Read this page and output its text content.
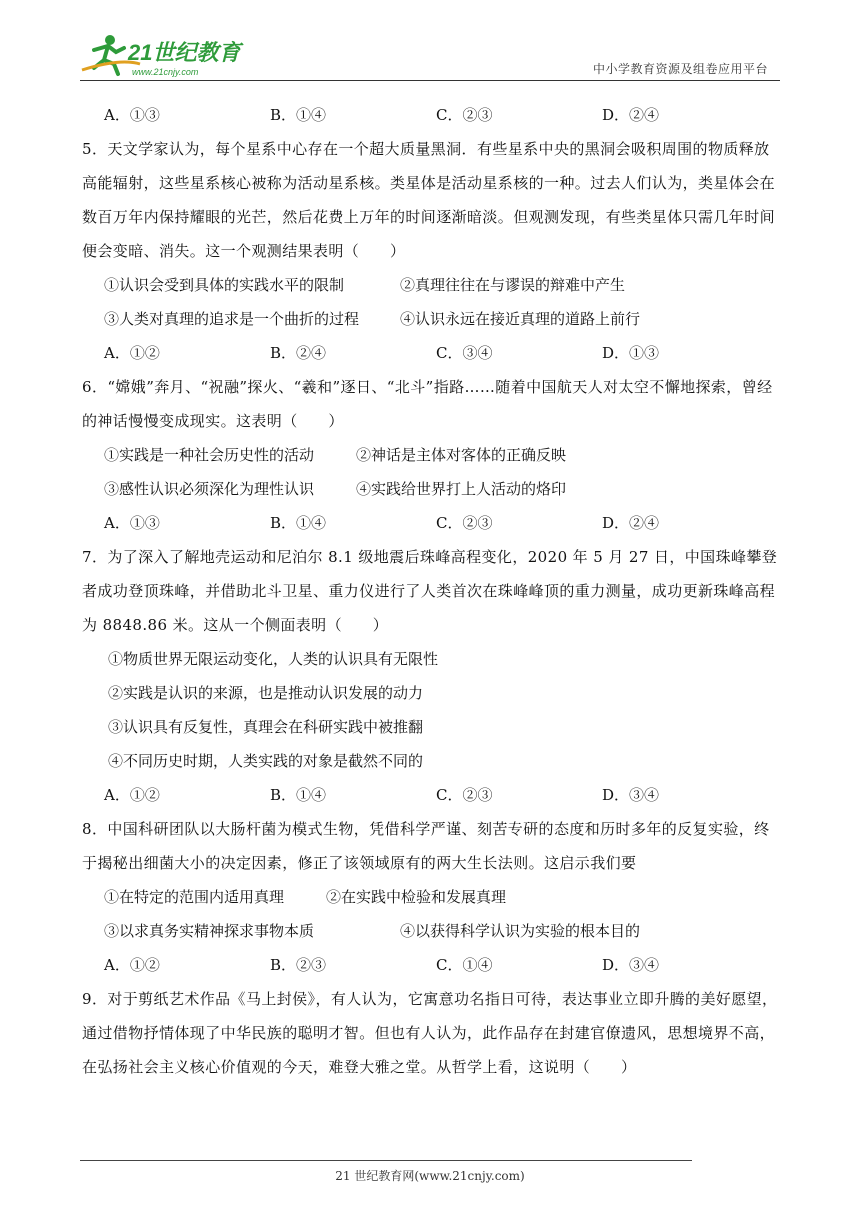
21世纪教育
www.21cnjy.com	中小学教育资源及组卷应用平台
A．①③	B．①④	C．②③	D．②④
5．天文学家认为，每个星系中心存在一个超大质量黑洞．有些星系中央的黑洞会吸积周围的物质释放高能辐射，这些星系核心被称为活动星系核。类星体是活动星系核的一种。过去人们认为，类星体会在数百万年内保持耀眼的光芒，然后花费上万年的时间逐渐暗淡。但观测发现，有些类星体只需几年时间便会变暗、消失。这一个观测结果表明（　　）
①认识会受到具体的实践水平的限制	②真理往往在与谬误的辩难中产生
③人类对真理的追求是一个曲折的过程	④认识永远在接近真理的道路上前行
A．①②	B．②④	C．③④	D．①③
6．“嫦娥”奔月、“祝融”探火、“羲和”逐日、“北斗”指路……随着中国航天人对太空不懈地探索，曾经的神话慢慢变成现实。这表明（　　）
①实践是一种社会历史性的活动	②神话是主体对客体的正确反映
③感性认识必须深化为理性认识	④实践给世界打上人活动的烙印
A．①③	B．①④	C．②③	D．②④
7．为了深入了解地壳运动和尼泊尔 8.1 级地震后珠峰高程变化，2020 年 5 月 27 日，中国珠峰攀登者成功登顶珠峰，并借助北斗卫星、重力仪进行了人类首次在珠峰峰顶的重力测量，成功更新珠峰高程为 8848.86 米。这从一个侧面表明（　　）
①物质世界无限运动变化，人类的认识具有无限性
②实践是认识的来源，也是推动认识发展的动力
③认识具有反复性，真理会在科研实践中被推翻
④不同历史时期，人类实践的对象是截然不同的
A．①②	B．①④	C．②③	D．③④
8．中国科研团队以大肠杆菌为模式生物，凭借科学严谨、刻苦专研的态度和历时多年的反复实验，终于揭秘出细菌大小的决定因素，修正了该领域原有的两大生长法则。这启示我们要
①在特定的范围内适用真理	②在实践中检验和发展真理
③以求真务实精神探求事物本质	④以获得科学认识为实验的根本目的
A．①②	B．②③	C．①④	D．③④
9．对于剪纸艺术作品《马上封侯》，有人认为，它寓意功名指日可待，表达事业立即升腾的美好愿望，通过借物抒情体现了中华民族的聪明才智。但也有人认为，此作品存在封建官僚遗风，思想境界不高，在弘扬社会主义核心价值观的今天，难登大雅之堂。从哲学上看，这说明（　　）
21 世纪教育网(www.21cnjy.com)
